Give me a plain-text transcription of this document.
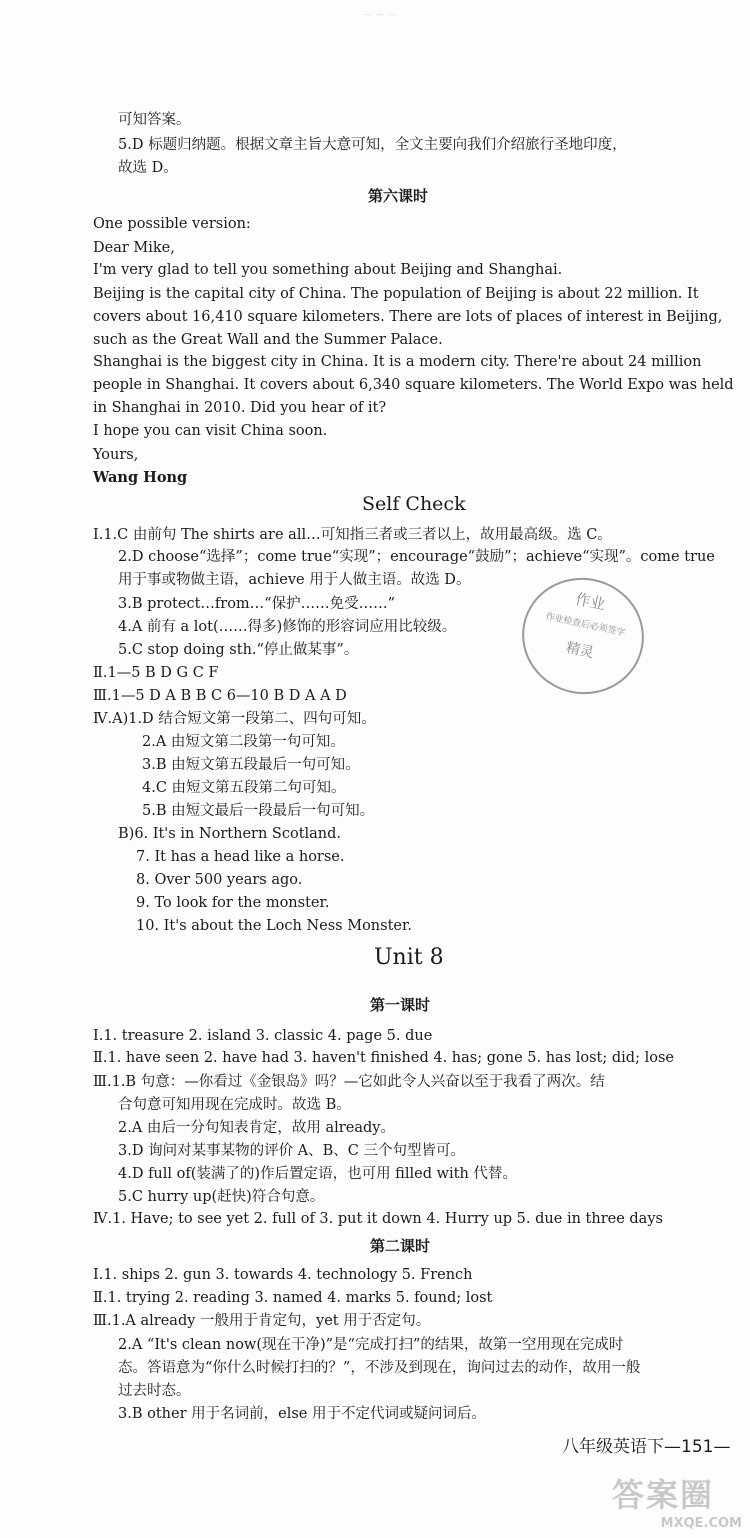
~ ~ ~
可知答案。
5.D 标题归纳题。根据文章主旨大意可知，全文主要向我们介绍旅行圣地印度，
故选 D。
第六课时
One possible version:
Dear Mike,
I'm very glad to tell you something about Beijing and Shanghai.
Beijing is the capital city of China. The population of Beijing is about 22 million. It
covers about 16,410 square kilometers. There are lots of places of interest in Beijing,
such as the Great Wall and the Summer Palace.
Shanghai is the biggest city in China. It is a modern city. There're about 24 million
people in Shanghai. It covers about 6,340 square kilometers. The World Expo was held
in Shanghai in 2010. Did you hear of it?
I hope you can visit China soon.
Yours,
Wang Hong
Self Check
Ⅰ.1.C 由前句 The shirts are all…可知指三者或三者以上，故用最高级。选 C。
2.D choose“选择”；come true“实现”；encourage“鼓励”；achieve“实现”。come true
用于事或物做主语，achieve 用于人做主语。故选 D。
3.B protect…from…“保护……免受……”
4.A 前有 a lot(……得多)修饰的形容词应用比较级。
5.C stop doing sth.“停止做某事”。
Ⅱ.1—5 B D G C F
Ⅲ.1—5 D A B B C 6—10 B D A A D
Ⅳ.A)1.D 结合短文第一段第二、四句可知。
2.A 由短文第二段第一句可知。
3.B 由短文第五段最后一句可知。
4.C 由短文第五段第二句可知。
5.B 由短文最后一段最后一句可知。
B)6. It's in Northern Scotland.
7. It has a head like a horse.
8. Over 500 years ago.
9. To look for the monster.
10. It's about the Loch Ness Monster.
Unit 8
第一课时
Ⅰ.1. treasure 2. island 3. classic 4. page 5. due
Ⅱ.1. have seen 2. have had 3. haven't finished 4. has; gone 5. has lost; did; lose
Ⅲ.1.B 句意：—你看过《金银岛》吗？—它如此令人兴奋以至于我看了两次。结
合句意可知用现在完成时。故选 B。
2.A 由后一分句知表肯定，故用 already。
3.D 询问对某事某物的评价 A、B、C 三个句型皆可。
4.D full of(装满了的)作后置定语，也可用 filled with 代替。
5.C hurry up(赶快)符合句意。
Ⅳ.1. Have; to see yet 2. full of 3. put it down 4. Hurry up 5. due in three days
第二课时
Ⅰ.1. ships 2. gun 3. towards 4. technology 5. French
Ⅱ.1. trying 2. reading 3. named 4. marks 5. found; lost
Ⅲ.1.A already 一般用于肯定句，yet 用于否定句。
2.A “It's clean now(现在干净)”是“完成打扫”的结果，故第一空用现在完成时
态。答语意为“你什么时候打扫的？”，不涉及到现在，询问过去的动作，故用一般
过去时态。
3.B other 用于名词前，else 用于不定代词或疑问词后。
八年级英语下—151—
作业
作业检查后必须签字
精灵
答案圈
MXQE.COM
